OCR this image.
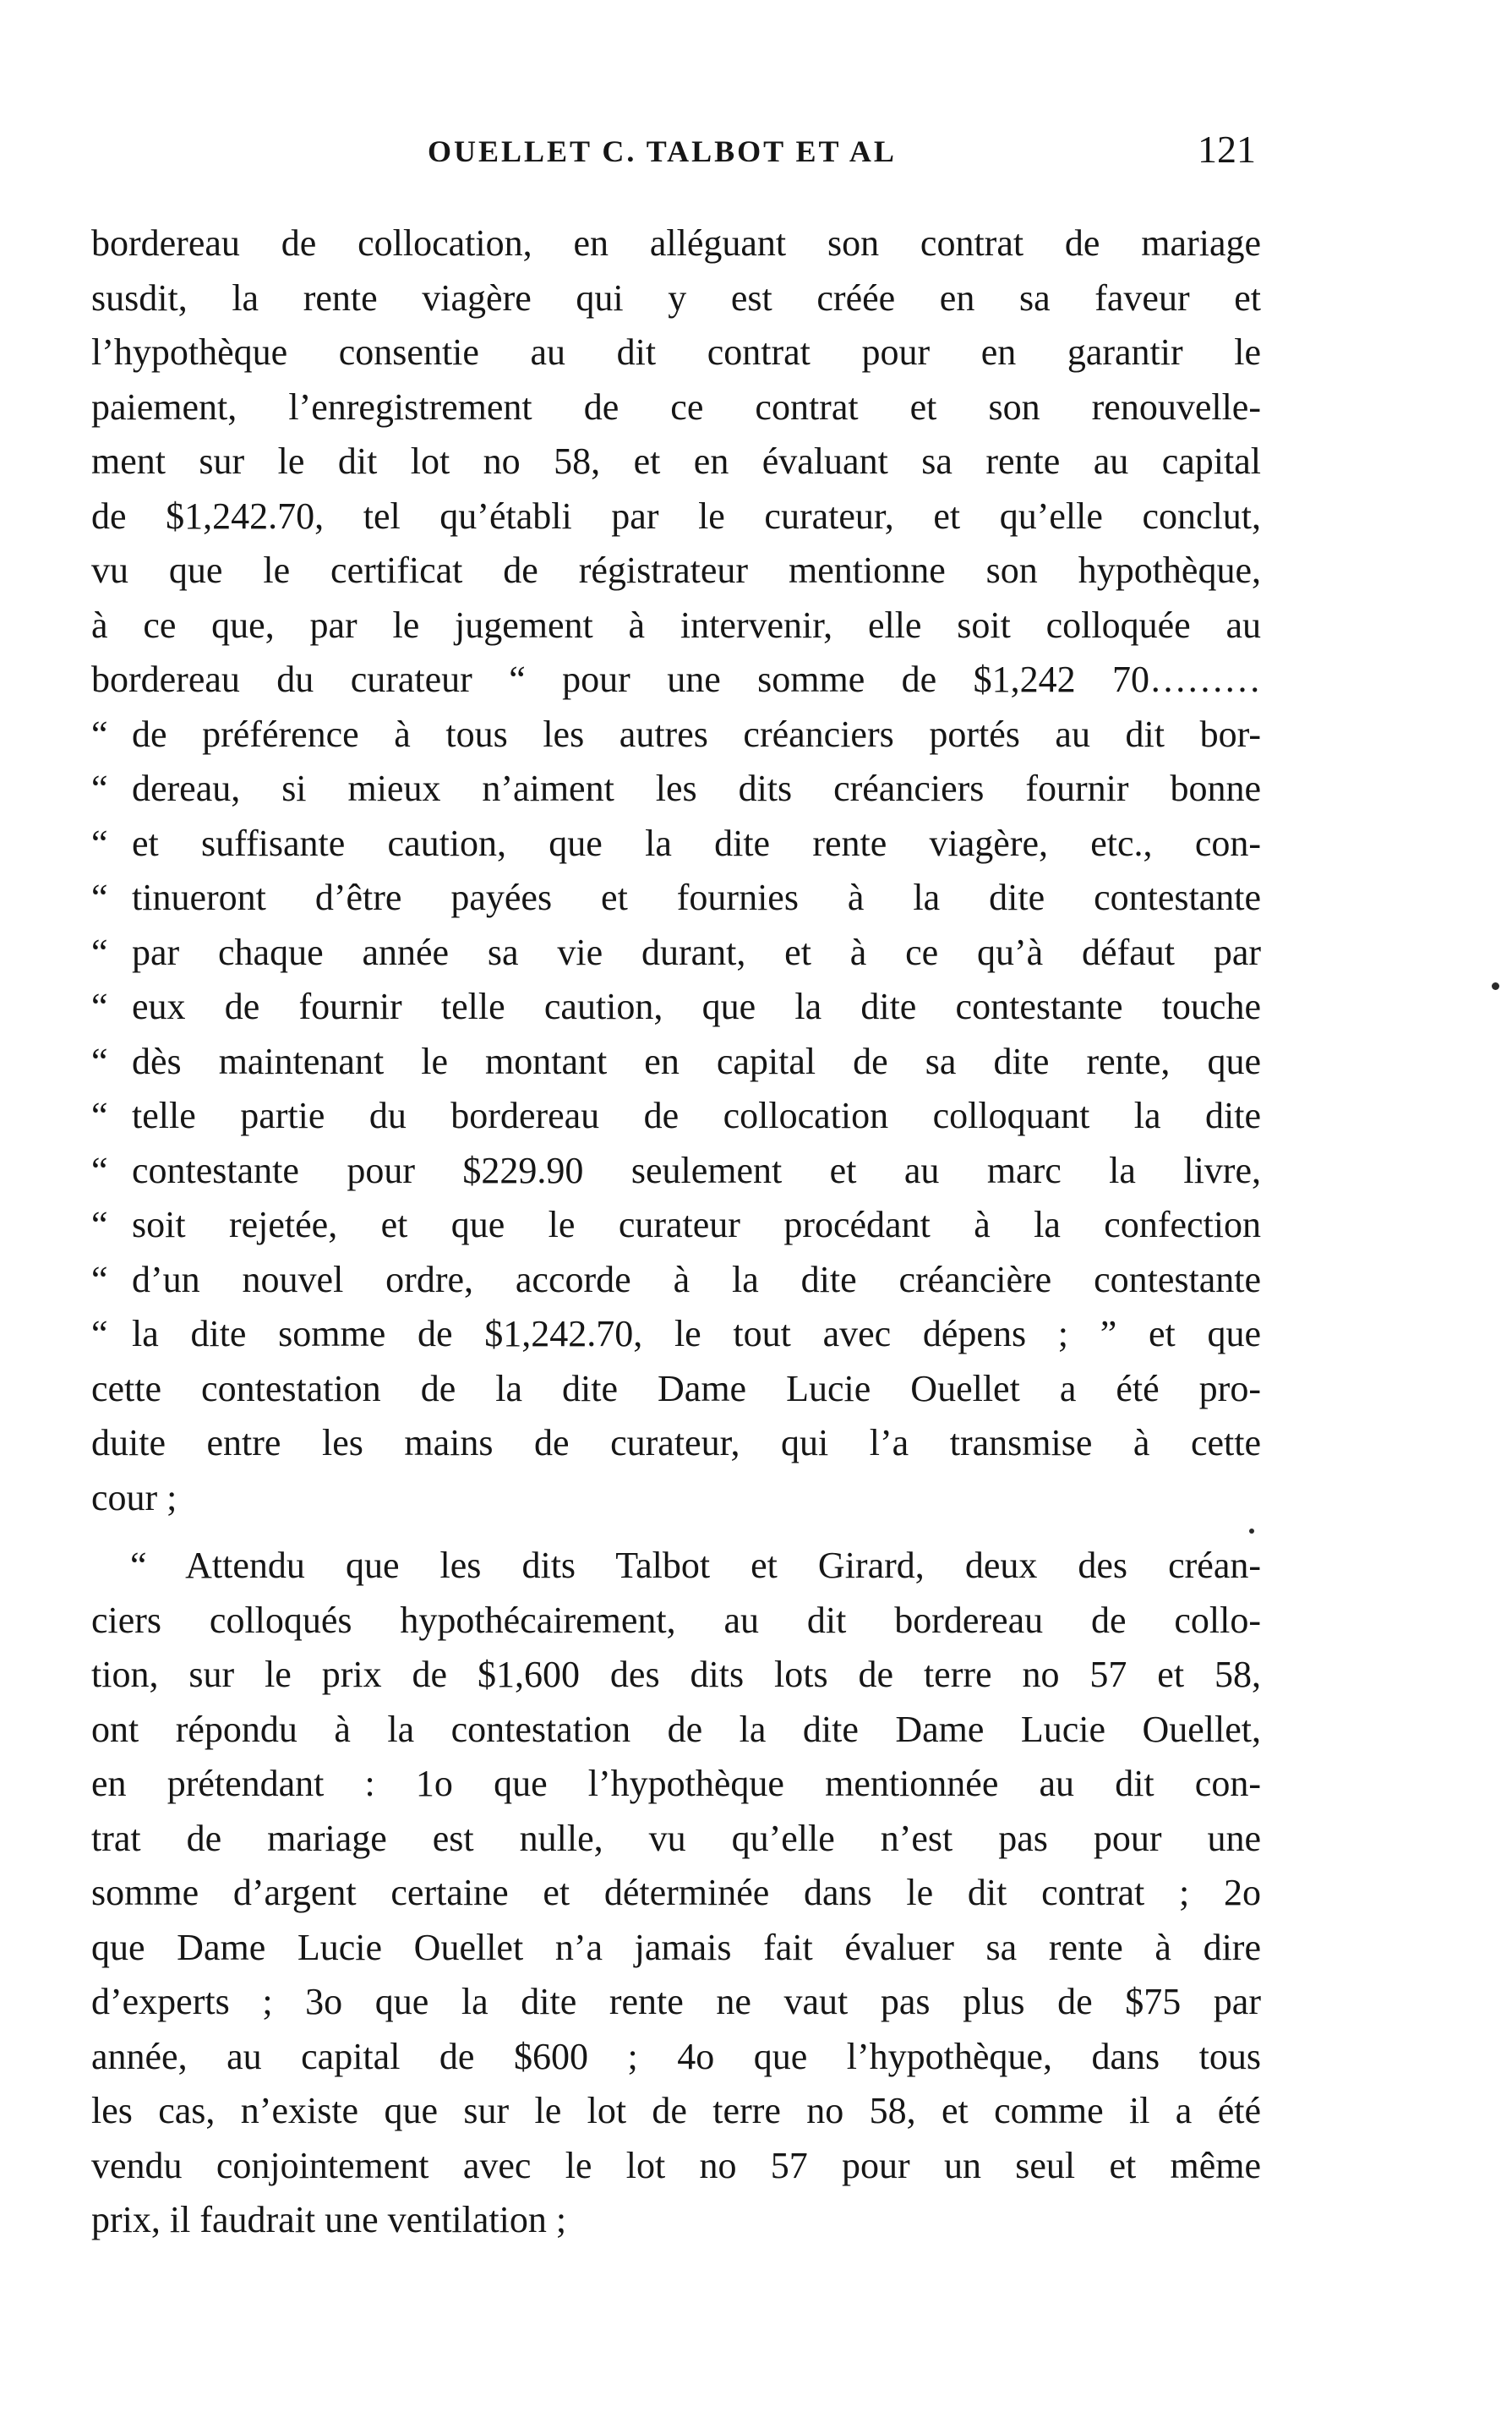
OUELLET C. TALBOT ET AL	121
bordereau de collocation, en alléguant son contrat de mariage
susdit, la rente viagère qui y est créée en sa faveur et
l’hypothèque consentie au dit contrat pour en garantir le
paiement, l’enregistrement de ce contrat et son renouvelle-
ment sur le dit lot no 58, et en évaluant sa rente au capital
de $1,242.70, tel qu’établi par le curateur, et qu’elle conclut,
vu que le certificat de régistrateur mentionne son hypothèque,
à ce que, par le jugement à intervenir, elle soit colloquée au
bordereau du curateur “ pour une somme de $1,242 70………
“ de préférence à tous les autres créanciers portés au dit bor-
“ dereau, si mieux n’aiment les dits créanciers fournir bonne
“ et suffisante caution, que la dite rente viagère, etc., con-
“ tinueront d’être payées et fournies à la dite contestante
“ par chaque année sa vie durant, et à ce qu’à défaut par
“ eux de fournir telle caution, que la dite contestante touche
“ dès maintenant le montant en capital de sa dite rente, que
“ telle partie du bordereau de collocation colloquant la dite
“ contestante pour $229.90 seulement et au marc la livre,
“ soit rejetée, et que le curateur procédant à la confection
“ d’un nouvel ordre, accorde à la dite créancière contestante
“ la dite somme de $1,242.70, le tout avec dépens ; ” et que
cette contestation de la dite Dame Lucie Ouellet a été pro-
duite entre les mains de curateur, qui l’a transmise à cette
cour ;
“ Attendu que les dits Talbot et Girard, deux des créan-
ciers colloqués hypothécairement, au dit bordereau de collo-
tion, sur le prix de $1,600 des dits lots de terre no 57 et 58,
ont répondu à la contestation de la dite Dame Lucie Ouellet,
en prétendant : 1o que l’hypothèque mentionnée au dit con-
trat de mariage est nulle, vu qu’elle n’est pas pour une
somme d’argent certaine et déterminée dans le dit contrat ; 2o
que Dame Lucie Ouellet n’a jamais fait évaluer sa rente à dire
d’experts ; 3o que la dite rente ne vaut pas plus de $75 par
année, au capital de $600 ; 4o que l’hypothèque, dans tous
les cas, n’existe que sur le lot de terre no 58, et comme il a été
vendu conjointement avec le lot no 57 pour un seul et même
prix, il faudrait une ventilation ;
